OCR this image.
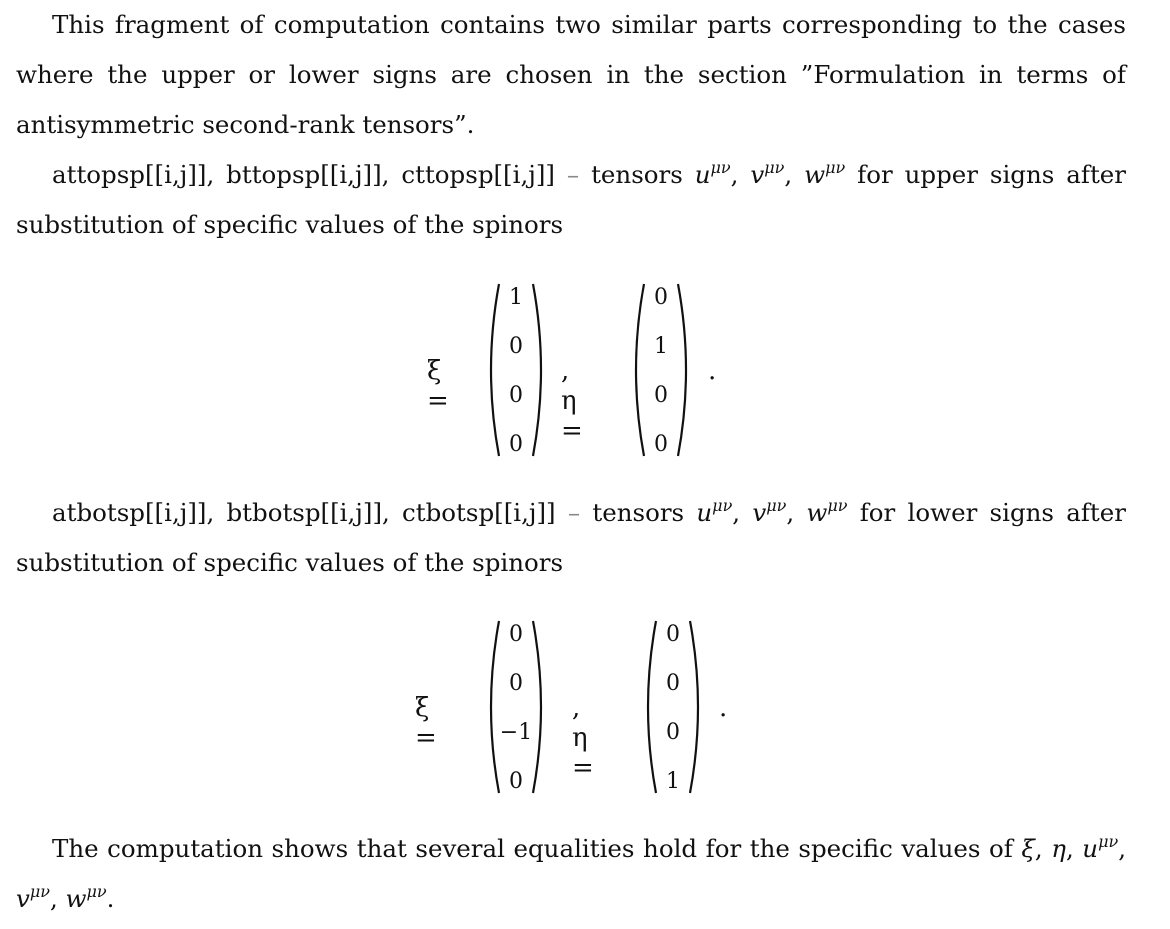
This fragment of computation contains two similar parts corresponding to the cases where the upper or lower signs are chosen in the section ”Formulation in terms of antisymmetric second-rank tensors”.

attopsp[[i,j]], bttopsp[[i,j]], cttopsp[[i,j]] – tensors $u^{\mu\nu}$, $v^{\mu\nu}$, $w^{\mu\nu}$ for upper signs after substitution of specific values of the spinors

ξ =
1
0
0
0
, η =
0
1
0
0
.

atbotsp[[i,j]], btbotsp[[i,j]], ctbotsp[[i,j]] – tensors $u^{\mu\nu}$, $v^{\mu\nu}$, $w^{\mu\nu}$ for lower signs after substitution of specific values of the spinors

ξ =
0
0
−1
0
, η =
0
0
0
1
.

The computation shows that several equalities hold for the specific values of ξ, η, $u^{\mu\nu}$, $v^{\mu\nu}$, $w^{\mu\nu}$.
